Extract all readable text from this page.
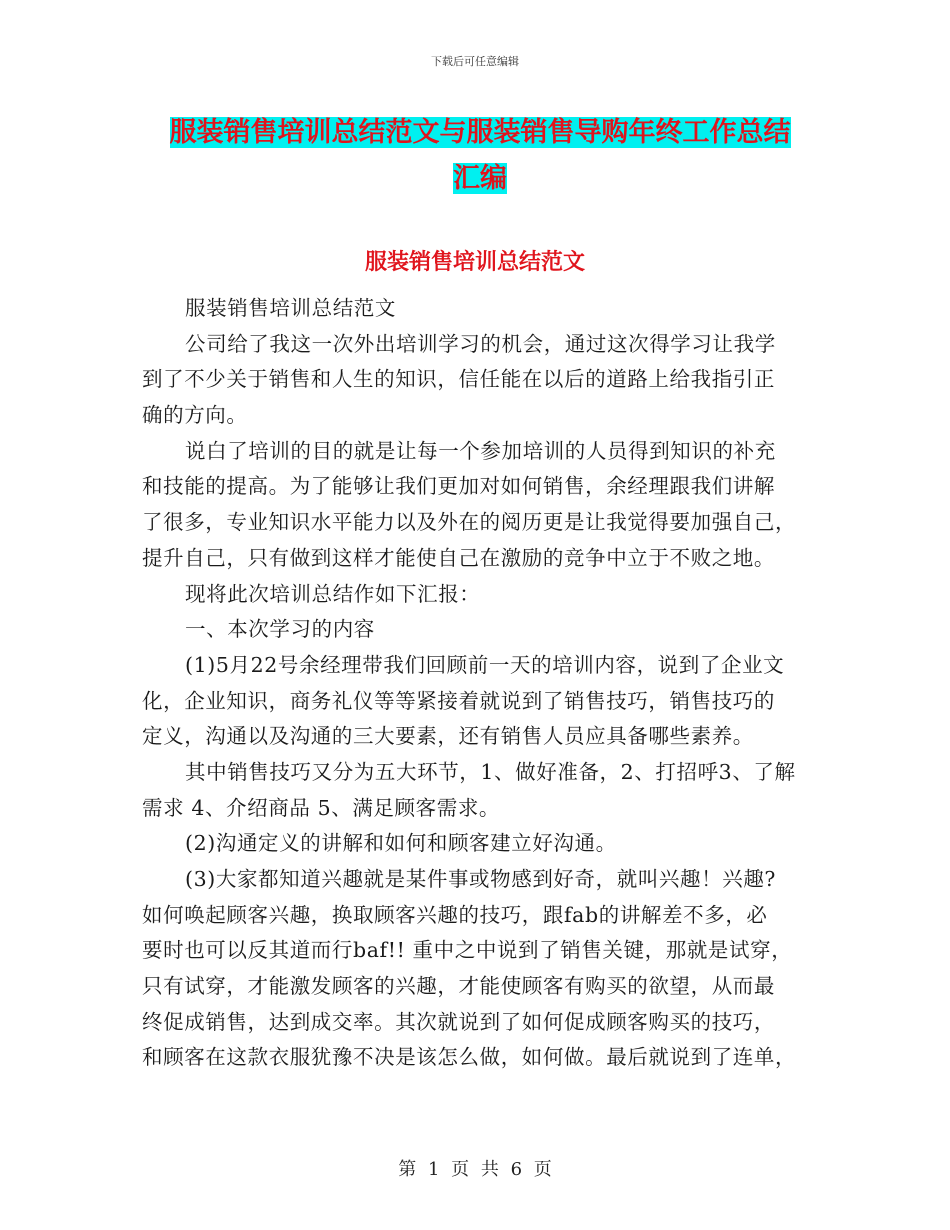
下载后可任意编辑
服装销售培训总结范文与服装销售导购年终工作总结
汇编
服装销售培训总结范文
服装销售培训总结范文
公司给了我这一次外出培训学习的机会，通过这次得学习让我学
到了不少关于销售和人生的知识，信任能在以后的道路上给我指引正
确的方向。
说白了培训的目的就是让每一个参加培训的人员得到知识的补充
和技能的提高。为了能够让我们更加对如何销售，余经理跟我们讲解
了很多，专业知识水平能力以及外在的阅历更是让我觉得要加强自己，
提升自己，只有做到这样才能使自己在激励的竞争中立于不败之地。
现将此次培训总结作如下汇报：
一、本次学习的内容
(1)5月22号余经理带我们回顾前一天的培训内容，说到了企业文
化，企业知识，商务礼仪等等紧接着就说到了销售技巧，销售技巧的
定义，沟通以及沟通的三大要素，还有销售人员应具备哪些素养。
其中销售技巧又分为五大环节，1、做好准备，2、打招呼3、了解
需求 4、介绍商品 5、满足顾客需求。
(2)沟通定义的讲解和如何和顾客建立好沟通。
(3)大家都知道兴趣就是某件事或物感到好奇，就叫兴趣！兴趣?
如何唤起顾客兴趣，换取顾客兴趣的技巧，跟fab的讲解差不多，必
要时也可以反其道而行baf!! 重中之中说到了销售关键，那就是试穿，
只有试穿，才能激发顾客的兴趣，才能使顾客有购买的欲望，从而最
终促成销售，达到成交率。其次就说到了如何促成顾客购买的技巧，
和顾客在这款衣服犹豫不决是该怎么做，如何做。最后就说到了连单，
第 1 页 共 6 页
